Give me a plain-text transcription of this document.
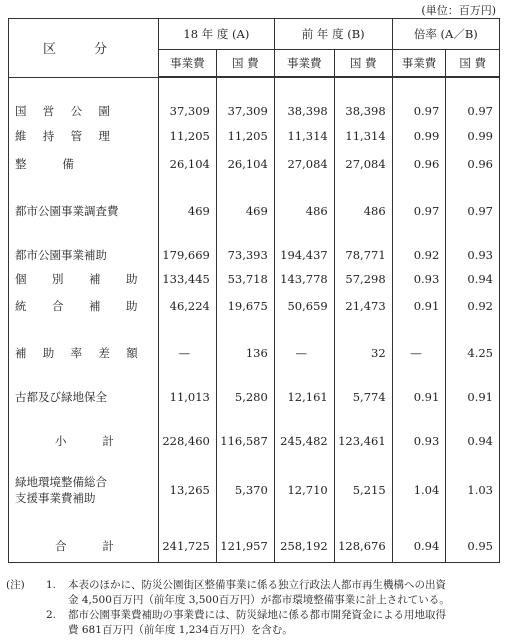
(単位：百万円)
区 分	18 年 度 (A)		前 年 度 (B)		倍率 (A／B)	
	事業費	国 費	事業費	国 費	事業費	国 費

国 営 公 園	37,309	37,309	38,398	38,398	0.97	0.97
維 持 管 理	11,205	11,205	11,314	11,314	0.99	0.99
整 備	26,104	26,104	27,084	27,084	0.96	0.96

都市公園事業調査費	469	469	486	486	0.97	0.97

都市公園事業補助	179,669	73,393	194,437	78,771	0.92	0.93
個 別 補 助	133,445	53,718	143,778	57,298	0.93	0.94
統 合 補 助	46,224	19,675	50,659	21,473	0.91	0.92

補 助 率 差 額	—	136	—	32	—	4.25

古都及び緑地保全	11,013	5,280	12,161	5,774	0.91	0.91

小 計	228,460	116,587	245,482	123,461	0.93	0.94

緑地環境整備総合
支援事業費補助	13,265	5,370	12,710	5,215	1.04	1.03

合 計	241,725	121,957	258,192	128,676	0.94	0.95
(注)	1.	本表のほかに、防災公園街区整備事業に係る独立行政法人都市再生機構への出資
金 4,500百万円（前年度 3,500百万円）が都市環境整備事業に計上されている。
2.	都市公園事業費補助の事業費には、防災緑地に係る都市開発資金による用地取得
費 681百万円（前年度 1,234百万円）を含む。
